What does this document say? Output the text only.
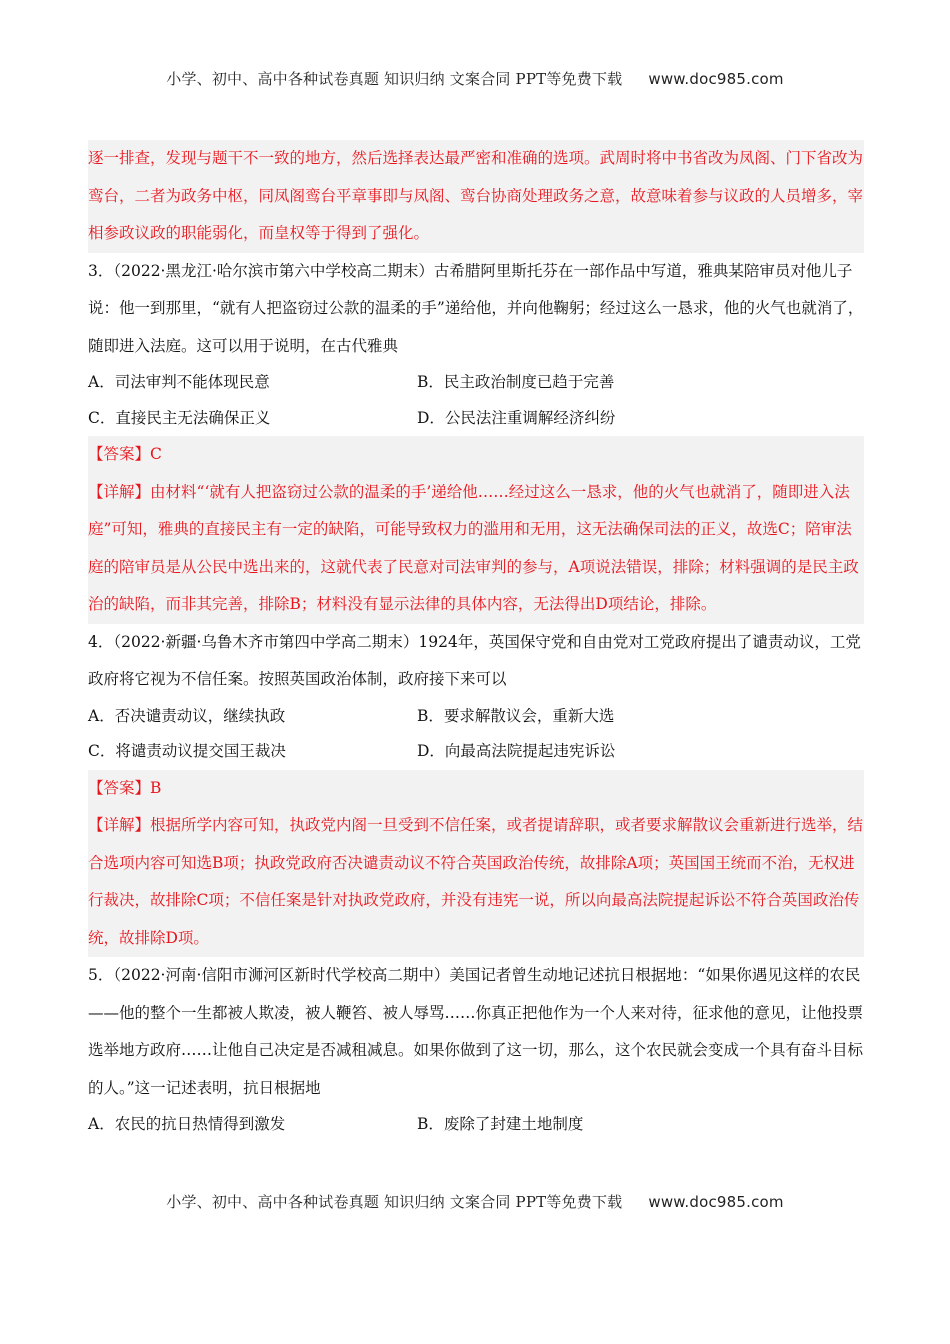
小学、初中、高中各种试卷真题 知识归纳 文案合同 PPT等免费下载 www.doc985.com
逐一排查，发现与题干不一致的地方，然后选择表达最严密和准确的选项。武周时将中书省改为凤阁、门下省改为鸾台，二者为政务中枢，同凤阁鸾台平章事即与凤阁、鸾台协商处理政务之意，故意味着参与议政的人员增多，宰相参政议政的职能弱化，而皇权等于得到了强化。
3．（2022·黑龙江·哈尔滨市第六中学校高二期末）古希腊阿里斯托芬在一部作品中写道，雅典某陪审员对他儿子说：他一到那里，“就有人把盗窃过公款的温柔的手”递给他，并向他鞠躬；经过这么一恳求，他的火气也就消了，随即进入法庭。这可以用于说明，在古代雅典
A．司法审判不能体现民意	B．民主政治制度已趋于完善
C．直接民主无法确保正义	D．公民法注重调解经济纠纷
【答案】C
【详解】由材料“‘就有人把盗窃过公款的温柔的手’递给他……经过这么一恳求，他的火气也就消了，随即进入法庭”可知，雅典的直接民主有一定的缺陷，可能导致权力的滥用和无用，这无法确保司法的正义，故选C；陪审法庭的陪审员是从公民中选出来的，这就代表了民意对司法审判的参与，A项说法错误，排除；材料强调的是民主政治的缺陷，而非其完善，排除B；材料没有显示法律的具体内容，无法得出D项结论，排除。
4．（2022·新疆·乌鲁木齐市第四中学高二期末）1924年，英国保守党和自由党对工党政府提出了谴责动议，工党政府将它视为不信任案。按照英国政治体制，政府接下来可以
A．否决谴责动议，继续执政	B．要求解散议会，重新大选
C．将谴责动议提交国王裁决	D．向最高法院提起违宪诉讼
【答案】B
【详解】根据所学内容可知，执政党内阁一旦受到不信任案，或者提请辞职，或者要求解散议会重新进行选举，结合选项内容可知选B项；执政党政府否决谴责动议不符合英国政治传统，故排除A项；英国国王统而不治，无权进行裁决，故排除C项；不信任案是针对执政党政府，并没有违宪一说，所以向最高法院提起诉讼不符合英国政治传统，故排除D项。
5．（2022·河南·信阳市浉河区新时代学校高二期中）美国记者曾生动地记述抗日根据地：“如果你遇见这样的农民——他的整个一生都被人欺凌，被人鞭笞、被人辱骂……你真正把他作为一个人来对待，征求他的意见，让他投票选举地方政府……让他自己决定是否减租减息。如果你做到了这一切，那么，这个农民就会变成一个具有奋斗目标的人。”这一记述表明，抗日根据地
A．农民的抗日热情得到激发	B．废除了封建土地制度
小学、初中、高中各种试卷真题 知识归纳 文案合同 PPT等免费下载 www.doc985.com
